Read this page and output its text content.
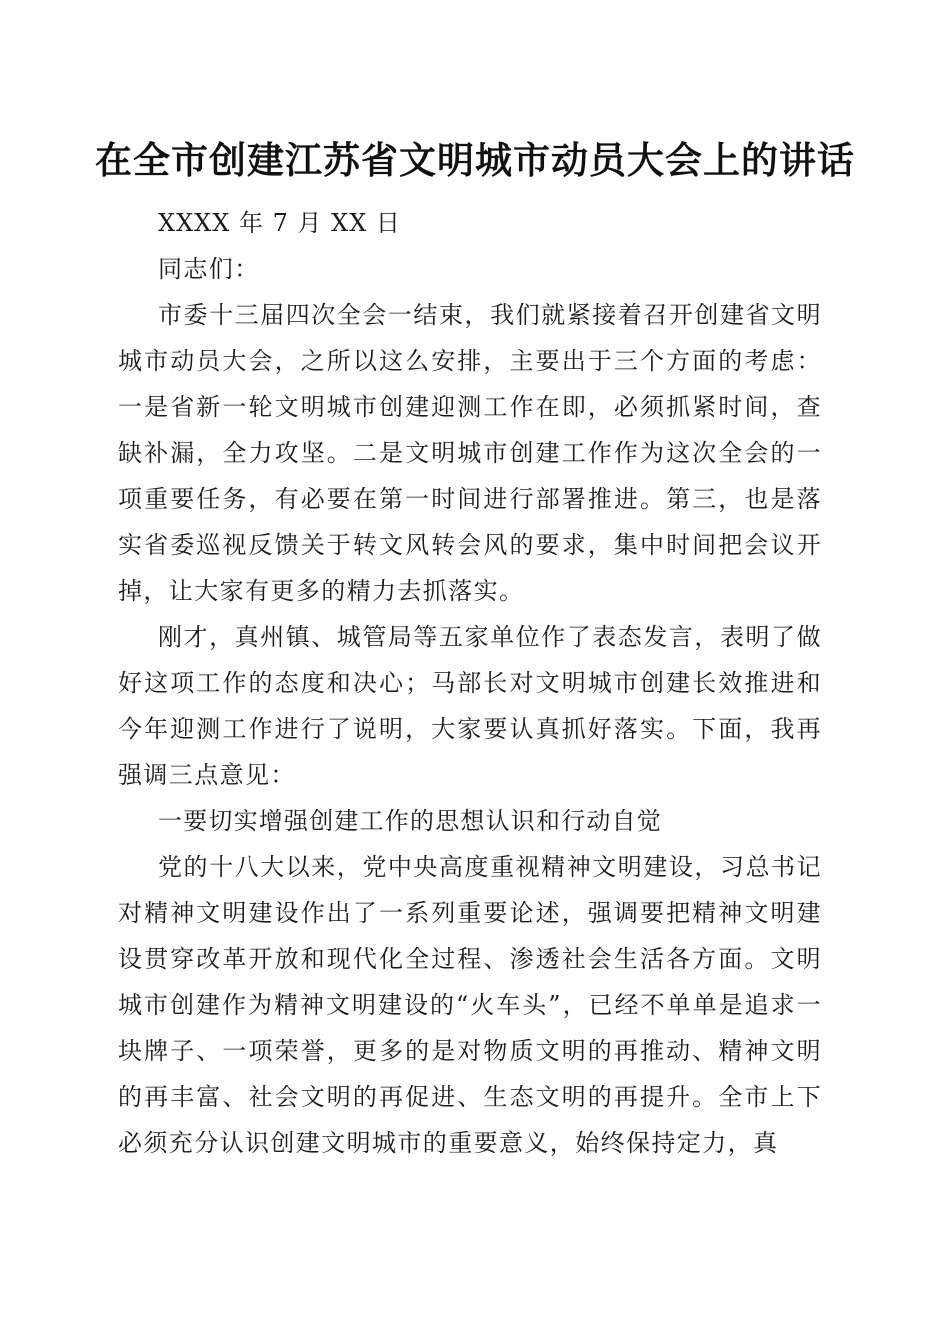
在全市创建江苏省文明城市动员大会上的讲话

XXXX 年 7 月 XX 日

同志们：

市委十三届四次全会一结束，我们就紧接着召开创建省文明城市动员大会，之所以这么安排，主要出于三个方面的考虑：一是省新一轮文明城市创建迎测工作在即，必须抓紧时间，查缺补漏，全力攻坚。二是文明城市创建工作作为这次全会的一项重要任务，有必要在第一时间进行部署推进。第三，也是落实省委巡视反馈关于转文风转会风的要求，集中时间把会议开掉，让大家有更多的精力去抓落实。

刚才，真州镇、城管局等五家单位作了表态发言，表明了做好这项工作的态度和决心；马部长对文明城市创建长效推进和今年迎测工作进行了说明，大家要认真抓好落实。下面，我再强调三点意见：

一要切实增强创建工作的思想认识和行动自觉

党的十八大以来，党中央高度重视精神文明建设，习总书记对精神文明建设作出了一系列重要论述，强调要把精神文明建设贯穿改革开放和现代化全过程、渗透社会生活各方面。文明城市创建作为精神文明建设的“火车头”，已经不单单是追求一块牌子、一项荣誉，更多的是对物质文明的再推动、精神文明的再丰富、社会文明的再促进、生态文明的再提升。全市上下必须充分认识创建文明城市的重要意义，始终保持定力，真
